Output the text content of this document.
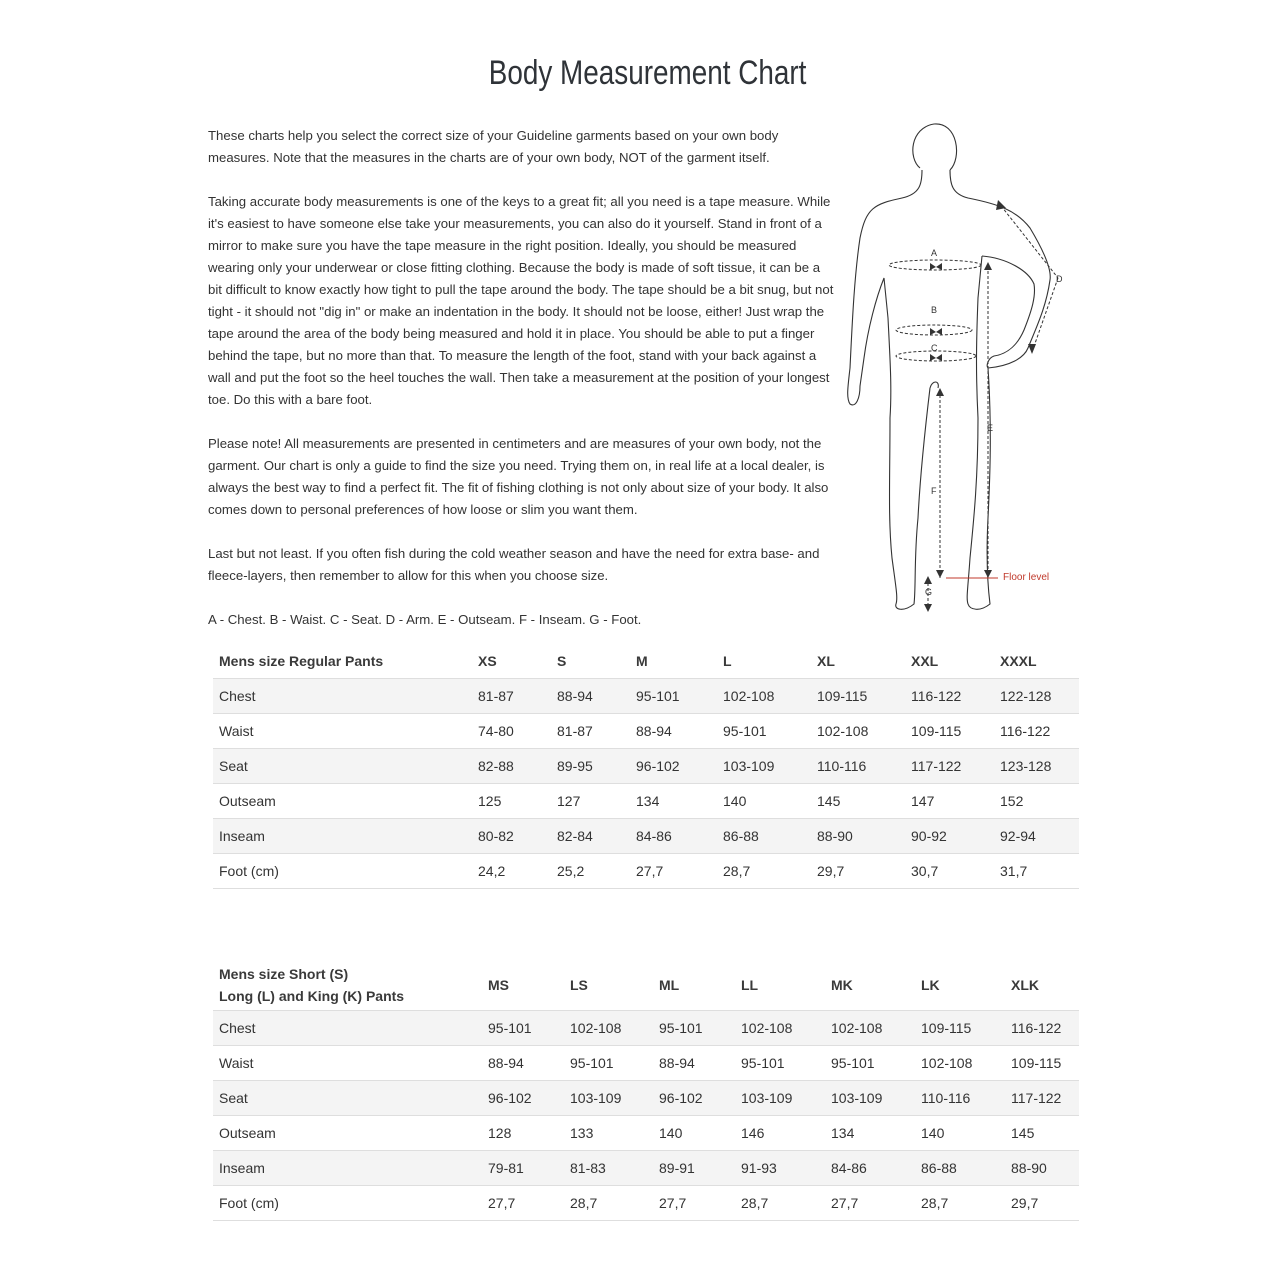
Body Measurement Chart

These charts help you select the correct size of your Guideline garments based on your own body measures. Note that the measures in the charts are of your own body, NOT of the garment itself.

Taking accurate body measurements is one of the keys to a great fit; all you need is a tape measure. While it's easiest to have someone else take your measurements, you can also do it yourself. Stand in front of a mirror to make sure you have the tape measure in the right position. Ideally, you should be measured wearing only your underwear or close fitting clothing. Because the body is made of soft tissue, it can be a bit difficult to know exactly how tight to pull the tape around the body. The tape should be a bit snug, but not tight - it should not "dig in" or make an indentation in the body. It should not be loose, either! Just wrap the tape around the area of the body being measured and hold it in place. You should be able to put a finger behind the tape, but no more than that. To measure the length of the foot, stand with your back against a wall and put the foot so the heel touches the wall. Then take a measurement at the position of your longest toe. Do this with a bare foot.

Please note! All measurements are presented in centimeters and are measures of your own body, not the garment. Our chart is only a guide to find the size you need. Trying them on, in real life at a local dealer, is always the best way to find a perfect fit. The fit of fishing clothing is not only about size of your body. It also comes down to personal preferences of how loose or slim you want them.

Last but not least. If you often fish during the cold weather season and have the need for extra base- and fleece-layers, then remember to allow for this when you choose size.

A - Chest. B - Waist. C - Seat. D - Arm. E - Outseam. F - Inseam. G - Foot.

A
B
C
D
E
F
G
Floor level
Mens size Regular Pants	XS	S	M	L	XL	XXL	XXXL
Chest	81-87	88-94	95-101	102-108	109-115	116-122	122-128
Waist	74-80	81-87	88-94	95-101	102-108	109-115	116-122
Seat	82-88	89-95	96-102	103-109	110-116	117-122	123-128
Outseam	125	127	134	140	145	147	152
Inseam	80-82	82-84	84-86	86-88	88-90	90-92	92-94
Foot (cm)	24,2	25,2	27,7	28,7	29,7	30,7	31,7
Mens size Short (S)
Long (L) and King (K) Pants	MS	LS	ML	LL	MK	LK	XLK
Chest	95-101	102-108	95-101	102-108	102-108	109-115	116-122
Waist	88-94	95-101	88-94	95-101	95-101	102-108	109-115
Seat	96-102	103-109	96-102	103-109	103-109	110-116	117-122
Outseam	128	133	140	146	134	140	145
Inseam	79-81	81-83	89-91	91-93	84-86	86-88	88-90
Foot (cm)	27,7	28,7	27,7	28,7	27,7	28,7	29,7
